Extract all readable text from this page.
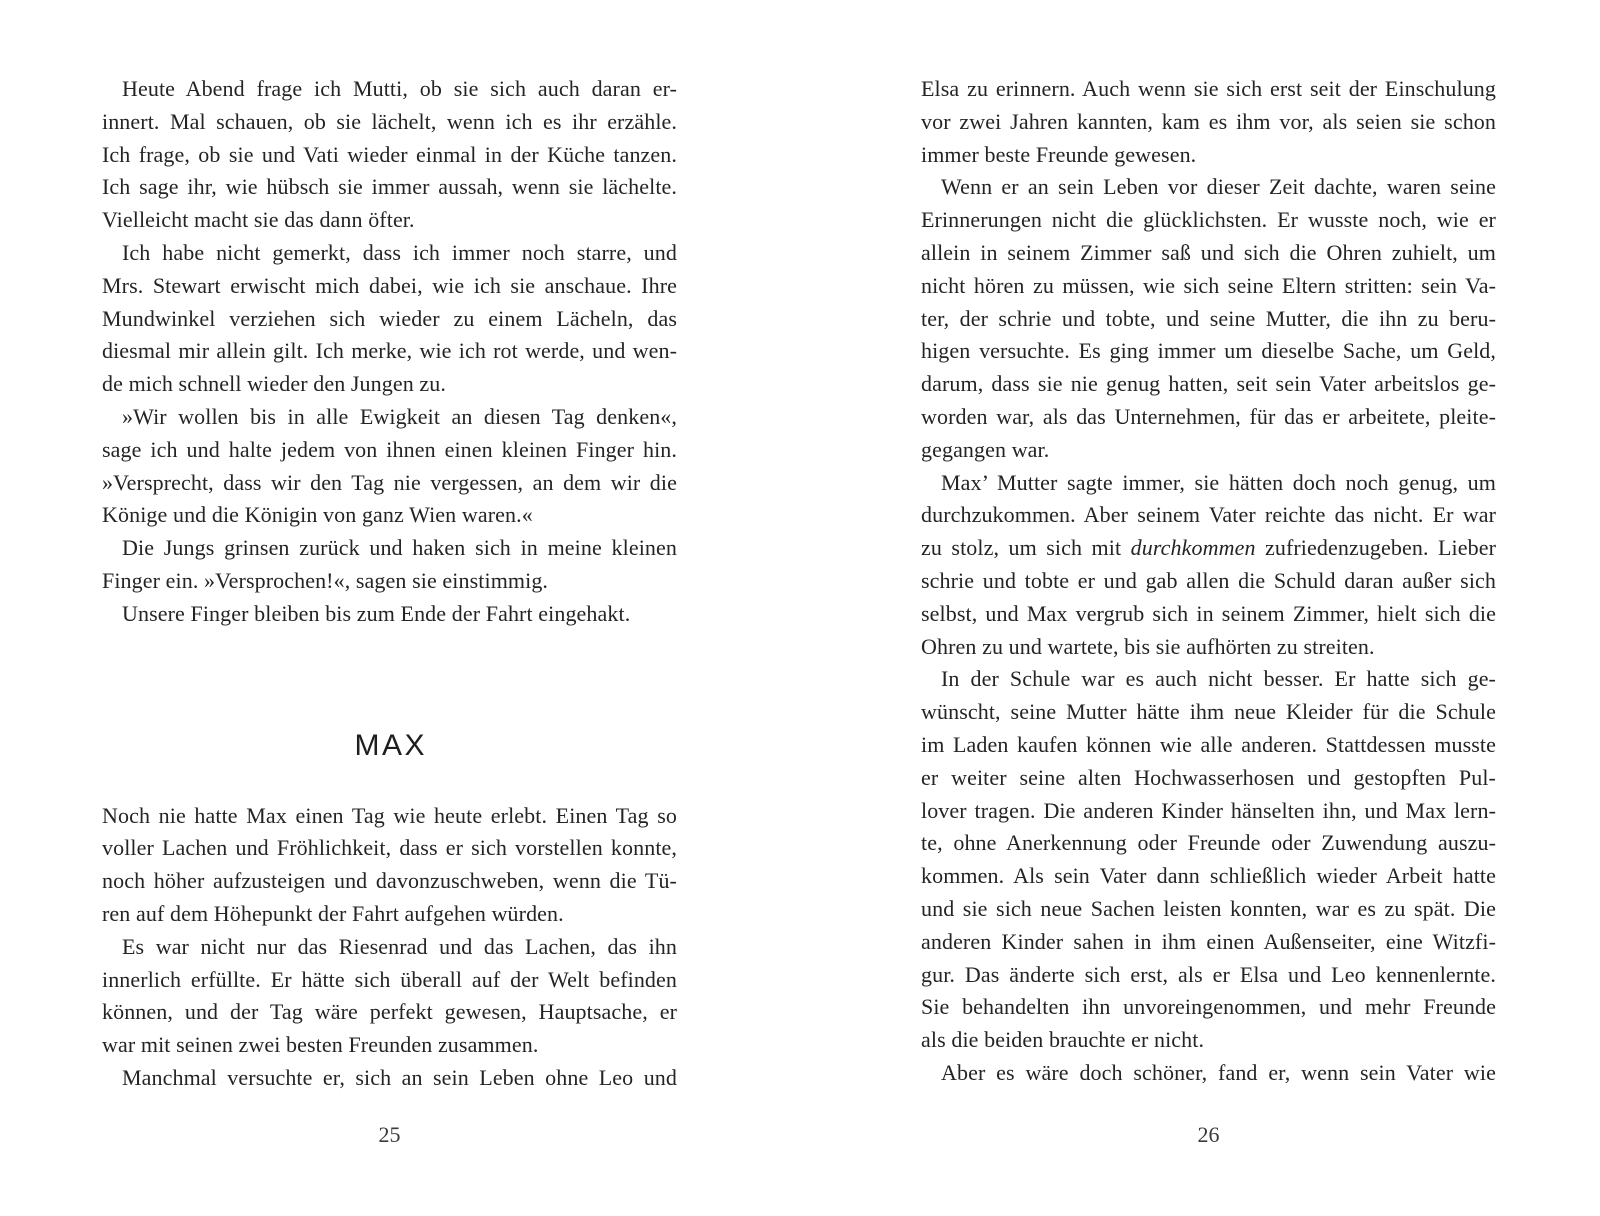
Heute Abend frage ich Mutti, ob sie sich auch daran er-
innert. Mal schauen, ob sie lächelt, wenn ich es ihr erzähle.
Ich frage, ob sie und Vati wieder einmal in der Küche tanzen.
Ich sage ihr, wie hübsch sie immer aussah, wenn sie lächelte.
Vielleicht macht sie das dann öfter.
Ich habe nicht gemerkt, dass ich immer noch starre, und
Mrs. Stewart erwischt mich dabei, wie ich sie anschaue. Ihre
Mundwinkel verziehen sich wieder zu einem Lächeln, das
diesmal mir allein gilt. Ich merke, wie ich rot werde, und wen-
de mich schnell wieder den Jungen zu.
»Wir wollen bis in alle Ewigkeit an diesen Tag denken«,
sage ich und halte jedem von ihnen einen kleinen Finger hin.
»Versprecht, dass wir den Tag nie vergessen, an dem wir die
Könige und die Königin von ganz Wien waren.«
Die Jungs grinsen zurück und haken sich in meine kleinen
Finger ein. »Versprochen!«, sagen sie einstimmig.
Unsere Finger bleiben bis zum Ende der Fahrt eingehakt.
MAX
Noch nie hatte Max einen Tag wie heute erlebt. Einen Tag so
voller Lachen und Fröhlichkeit, dass er sich vorstellen konnte,
noch höher aufzusteigen und davonzuschweben, wenn die Tü-
ren auf dem Höhepunkt der Fahrt aufgehen würden.
Es war nicht nur das Riesenrad und das Lachen, das ihn
innerlich erfüllte. Er hätte sich überall auf der Welt befinden
können, und der Tag wäre perfekt gewesen, Hauptsache, er
war mit seinen zwei besten Freunden zusammen.
Manchmal versuchte er, sich an sein Leben ohne Leo und
25
Elsa zu erinnern. Auch wenn sie sich erst seit der Einschulung
vor zwei Jahren kannten, kam es ihm vor, als seien sie schon
immer beste Freunde gewesen.
Wenn er an sein Leben vor dieser Zeit dachte, waren seine
Erinnerungen nicht die glücklichsten. Er wusste noch, wie er
allein in seinem Zimmer saß und sich die Ohren zuhielt, um
nicht hören zu müssen, wie sich seine Eltern stritten: sein Va-
ter, der schrie und tobte, und seine Mutter, die ihn zu beru-
higen versuchte. Es ging immer um dieselbe Sache, um Geld,
darum, dass sie nie genug hatten, seit sein Vater arbeitslos ge-
worden war, als das Unternehmen, für das er arbeitete, pleite-
gegangen war.
Max’ Mutter sagte immer, sie hätten doch noch genug, um
durchzukommen. Aber seinem Vater reichte das nicht. Er war
zu stolz, um sich mit durchkommen zufriedenzugeben. Lieber
schrie und tobte er und gab allen die Schuld daran außer sich
selbst, und Max vergrub sich in seinem Zimmer, hielt sich die
Ohren zu und wartete, bis sie aufhörten zu streiten.
In der Schule war es auch nicht besser. Er hatte sich ge-
wünscht, seine Mutter hätte ihm neue Kleider für die Schule
im Laden kaufen können wie alle anderen. Stattdessen musste
er weiter seine alten Hochwasserhosen und gestopften Pul-
lover tragen. Die anderen Kinder hänselten ihn, und Max lern-
te, ohne Anerkennung oder Freunde oder Zuwendung auszu-
kommen. Als sein Vater dann schließlich wieder Arbeit hatte
und sie sich neue Sachen leisten konnten, war es zu spät. Die
anderen Kinder sahen in ihm einen Außenseiter, eine Witzfi-
gur. Das änderte sich erst, als er Elsa und Leo kennenlernte.
Sie behandelten ihn unvoreingenommen, und mehr Freunde
als die beiden brauchte er nicht.
Aber es wäre doch schöner, fand er, wenn sein Vater wie
26
